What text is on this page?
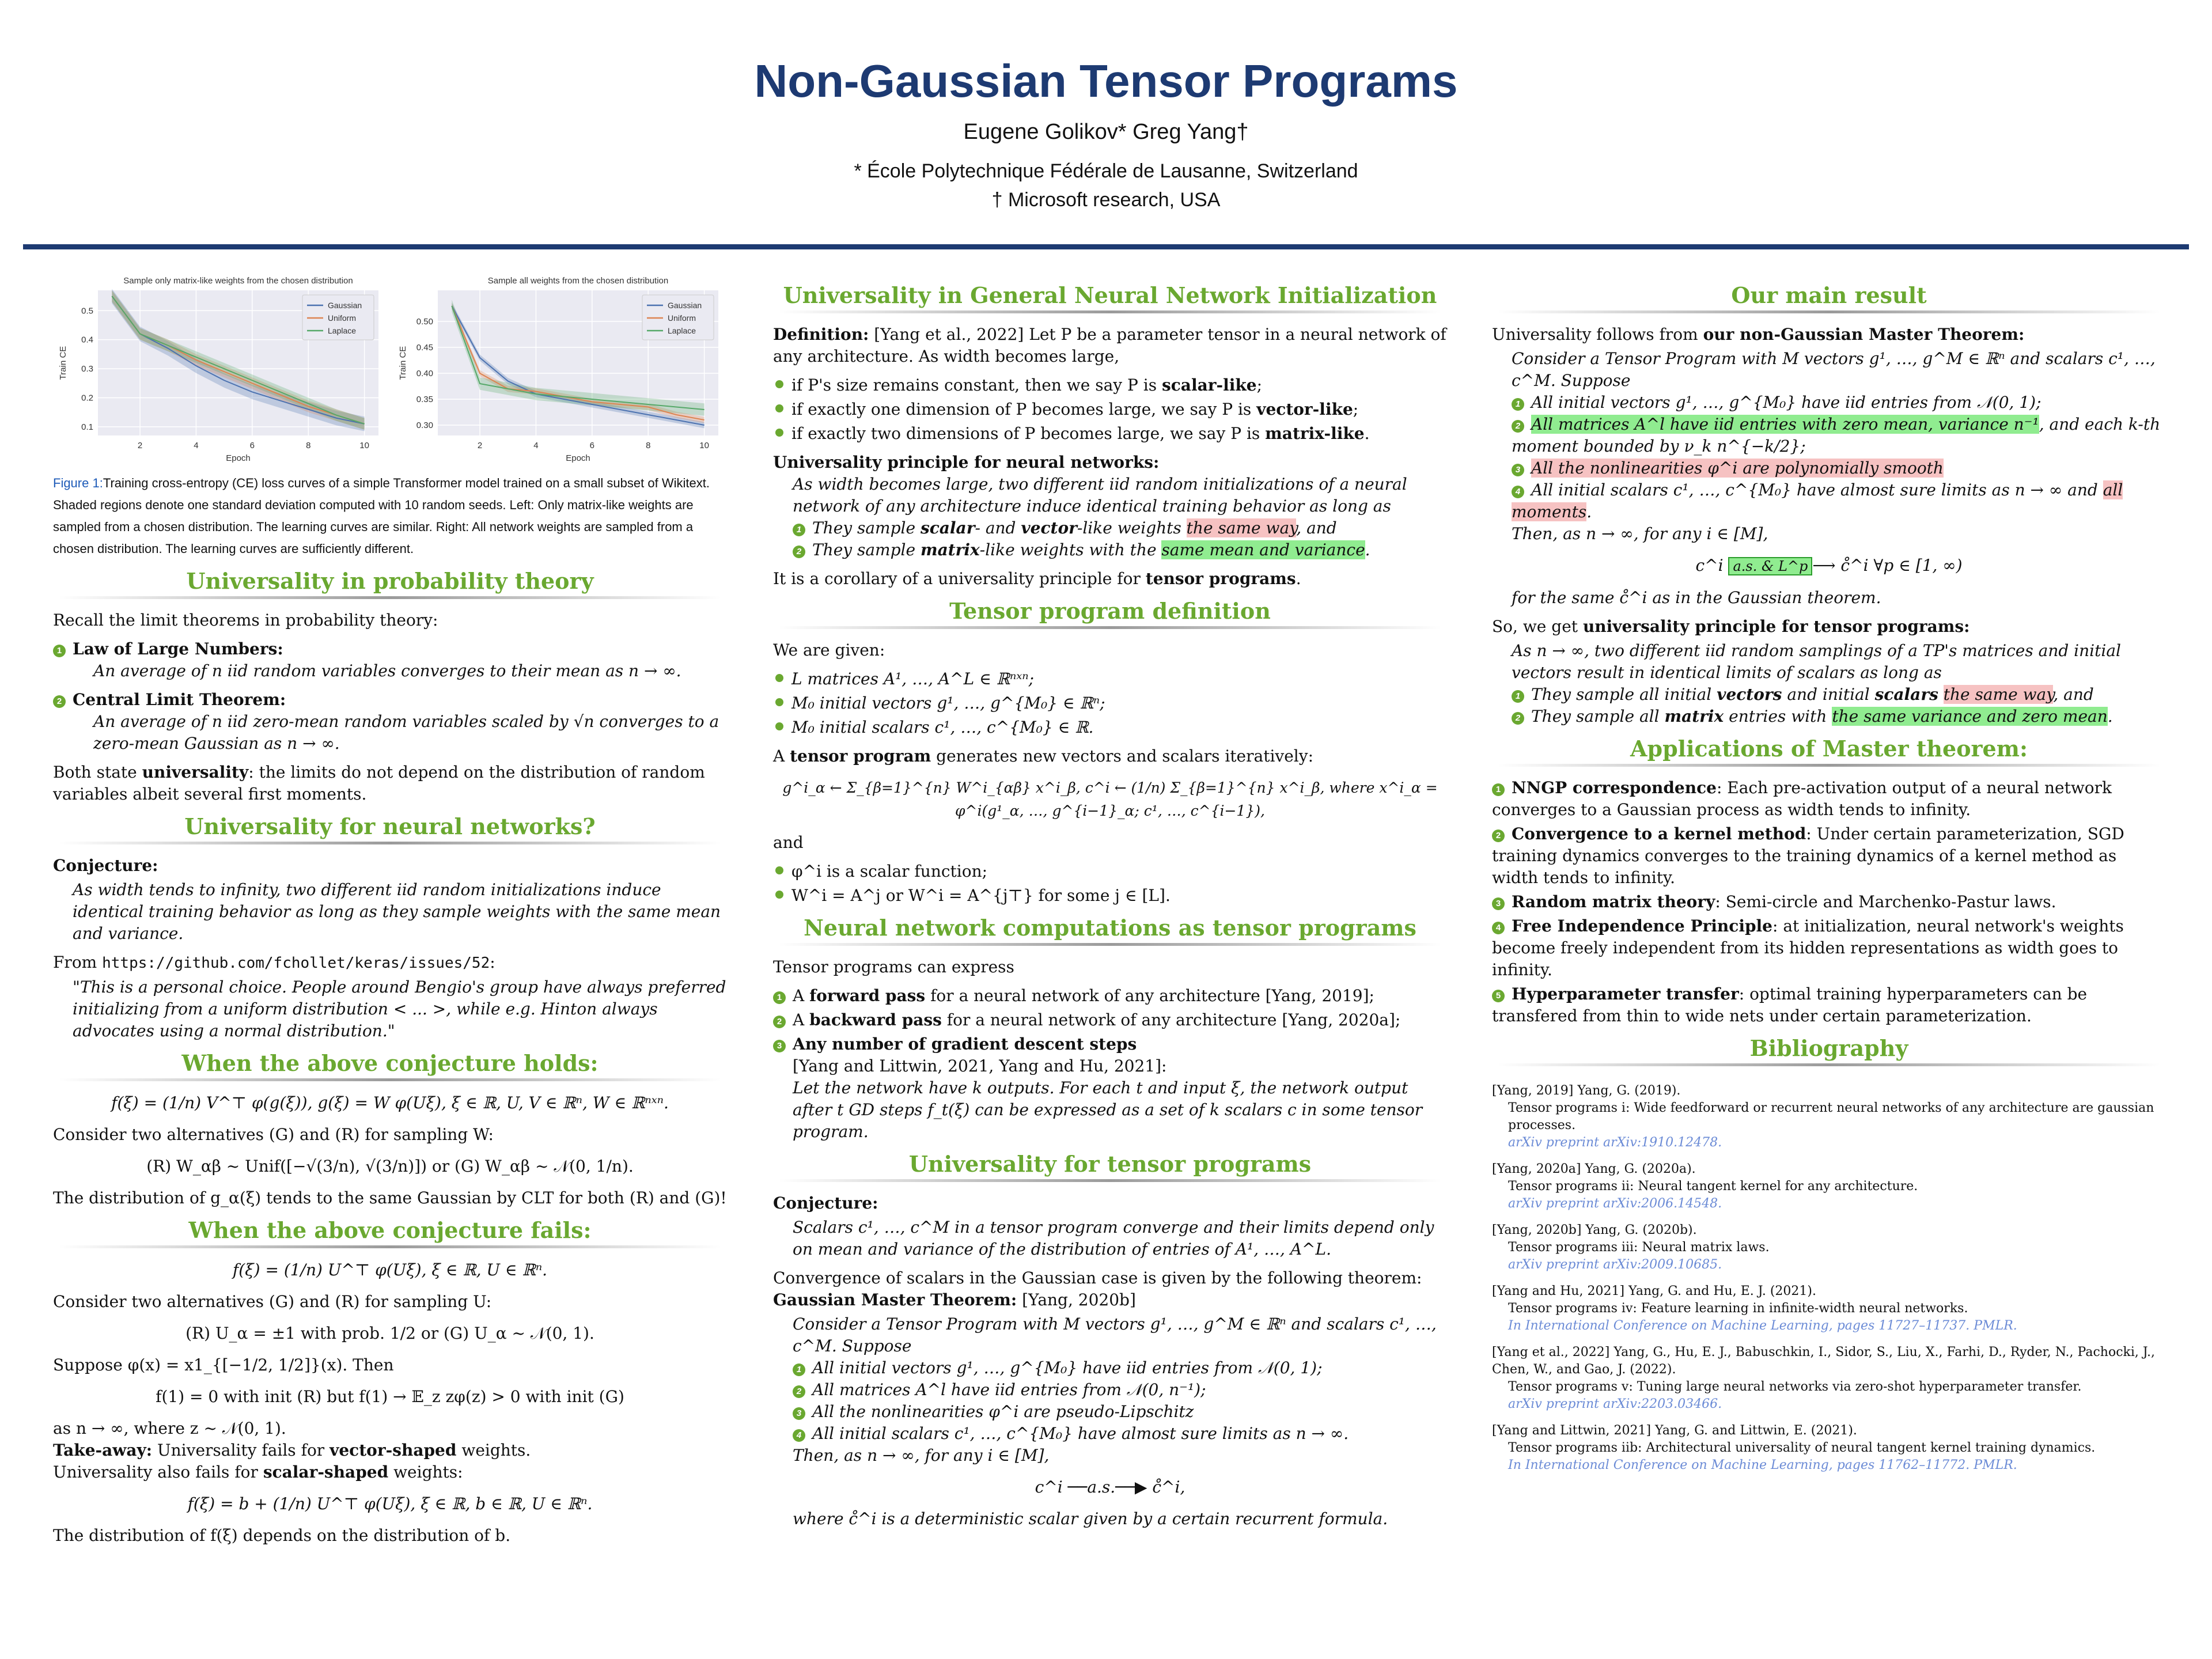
Non-Gaussian Tensor Programs
Eugene Golikov* Greg Yang†
* École Polytechnique Fédérale de Lausanne, Switzerland
† Microsoft research, USA
2	4	6	8	10
0.1
0.2
0.3
0.4
0.5
Sample only matrix-like weights from the chosen distribution
Epoch
Train CE
Gaussian
Uniform
Laplace
2	4	6	8	10
0.30
0.35
0.40
0.45
0.50
Sample all weights from the chosen distribution
Epoch
Train CE
Gaussian
Uniform
Laplace

Figure 1:Training cross-entropy (CE) loss curves of a simple Transformer model trained on a small subset of Wikitext. Shaded regions denote one standard deviation computed with 10 random seeds. Left: Only matrix-like weights are sampled from a chosen distribution. The learning curves are similar. Right: All network weights are sampled from a chosen distribution. The learning curves are sufficiently different.

Universality in probability theory

Recall the limit theorems in probability theory:

1 Law of Large Numbers:

An average of n iid random variables converges to their mean as n → ∞.

2 Central Limit Theorem:

An average of n iid zero-mean random variables scaled by √n converges to a zero-mean Gaussian as n → ∞.

Both state universality: the limits do not depend on the distribution of random variables albeit several first moments.

Universality for neural networks?

Conjecture:

As width tends to infinity, two different iid random initializations induce identical training behavior as long as they sample weights with the same mean and variance.

From https://github.com/fchollet/keras/issues/52:

"This is a personal choice. People around Bengio's group have always preferred initializing from a uniform distribution < ... >, while e.g. Hinton always advocates using a normal distribution."

When the above conjecture holds:
f(ξ) = (1/n) V^⊤ φ(g(ξ)), g(ξ) = W φ(Uξ), ξ ∈ ℝ, U, V ∈ ℝⁿ, W ∈ ℝⁿˣⁿ.

Consider two alternatives (G) and (R) for sampling W:

(R) W_αβ ~ Unif([−√(3/n), √(3/n)]) or (G) W_αβ ~ 𝒩(0, 1/n).

The distribution of g_α(ξ) tends to the same Gaussian by CLT for both (R) and (G)!

When the above conjecture fails:
f(ξ) = (1/n) U^⊤ φ(Uξ), ξ ∈ ℝ, U ∈ ℝⁿ.

Consider two alternatives (G) and (R) for sampling U:

(R) U_α = ±1 with prob. 1/2 or (G) U_α ~ 𝒩(0, 1).

Suppose φ(x) = x1_{[−1/2, 1/2]}(x). Then

f(1) = 0 with init (R) but f(1) → 𝔼_z zφ(z) > 0 with init (G)

as n → ∞, where z ~ 𝒩(0, 1).

Take-away: Universality fails for vector-shaped weights.

Universality also fails for scalar-shaped weights:

f(ξ) = b + (1/n) U^⊤ φ(Uξ), ξ ∈ ℝ, b ∈ ℝ, U ∈ ℝⁿ.

The distribution of f(ξ) depends on the distribution of b.

Universality in General Neural Network Initialization

Definition: [Yang et al., 2022] Let P be a parameter tensor in a neural network of any architecture. As width becomes large,

if P's size remains constant, then we say P is scalar-like;

if exactly one dimension of P becomes large, we say P is vector-like;

if exactly two dimensions of P becomes large, we say P is matrix-like.

Universality principle for neural networks:

As width becomes large, two different iid random initializations of a neural network of any architecture induce identical training behavior as long as

1 They sample scalar- and vector-like weights the same way, and

2 They sample matrix-like weights with the same mean and variance.

It is a corollary of a universality principle for tensor programs.

Tensor program definition

We are given:

L matrices A¹, …, A^L ∈ ℝⁿˣⁿ;

M₀ initial vectors g¹, …, g^{M₀} ∈ ℝⁿ;

M₀ initial scalars c¹, …, c^{M₀} ∈ ℝ.

A tensor program generates new vectors and scalars iteratively:

g^i_α ← Σ_{β=1}^{n} W^i_{αβ} x^i_β, c^i ← (1/n) Σ_{β=1}^{n} x^i_β, where x^i_α = φ^i(g¹_α, …, g^{i−1}_α; c¹, …, c^{i−1}),

and

φ^i is a scalar function;

W^i = A^j or W^i = A^{j⊤} for some j ∈ [L].

Neural network computations as tensor programs

Tensor programs can express

1 A forward pass for a neural network of any architecture [Yang, 2019];

2 A backward pass for a neural network of any architecture [Yang, 2020a];

3 Any number of gradient descent steps

[Yang and Littwin, 2021, Yang and Hu, 2021]:

Let the network have k outputs. For each t and input ξ, the network output after t GD steps f_t(ξ) can be expressed as a set of k scalars c in some tensor program.

Universality for tensor programs

Conjecture:

Scalars c¹, …, c^M in a tensor program converge and their limits depend only on mean and variance of the distribution of entries of A¹, …, A^L.

Convergence of scalars in the Gaussian case is given by the following theorem:

Gaussian Master Theorem: [Yang, 2020b]

Consider a Tensor Program with M vectors g¹, …, g^M ∈ ℝⁿ and scalars c¹, …, c^M. Suppose

1 All initial vectors g¹, …, g^{M₀} have iid entries from 𝒩(0, 1);

2 All matrices A^l have iid entries from 𝒩(0, n⁻¹);

3 All the nonlinearities φ^i are pseudo-Lipschitz

4 All initial scalars c¹, …, c^{M₀} have almost sure limits as n → ∞.

Then, as n → ∞, for any i ∈ [M],

c^i ──a.s.──▶ c̊^i,

where c̊^i is a deterministic scalar given by a certain recurrent formula.

Our main result

Universality follows from our non-Gaussian Master Theorem:

Consider a Tensor Program with M vectors g¹, …, g^M ∈ ℝⁿ and scalars c¹, …, c^M. Suppose

1 All initial vectors g¹, …, g^{M₀} have iid entries from 𝒩(0, 1);

2 All matrices A^l have iid entries with zero mean, variance n⁻¹, and each k-th moment bounded by ν_k n^{−k/2};

3 All the nonlinearities φ^i are polynomially smooth

4 All initial scalars c¹, …, c^{M₀} have almost sure limits as n → ∞ and all moments.

Then, as n → ∞, for any i ∈ [M],

c^i a.s. & L^p ⟶ c̊^i ∀p ∈ [1, ∞)

for the same c̊^i as in the Gaussian theorem.

So, we get universality principle for tensor programs:

As n → ∞, two different iid random samplings of a TP's matrices and initial vectors result in identical limits of scalars as long as

1 They sample all initial vectors and initial scalars the same way, and

2 They sample all matrix entries with the same variance and zero mean.

Applications of Master theorem:

1 NNGP correspondence: Each pre-activation output of a neural network converges to a Gaussian process as width tends to infinity.

2 Convergence to a kernel method: Under certain parameterization, SGD training dynamics converges to the training dynamics of a kernel method as width tends to infinity.

3 Random matrix theory: Semi-circle and Marchenko-Pastur laws.

4 Free Independence Principle: at initialization, neural network's weights become freely independent from its hidden representations as width goes to infinity.

5 Hyperparameter transfer: optimal training hyperparameters can be transfered from thin to wide nets under certain parameterization.

Bibliography
[Yang, 2019] Yang, G. (2019).
Tensor programs i: Wide feedforward or recurrent neural networks of any architecture are gaussian processes.
arXiv preprint arXiv:1910.12478.
[Yang, 2020a] Yang, G. (2020a).
Tensor programs ii: Neural tangent kernel for any architecture.
arXiv preprint arXiv:2006.14548.
[Yang, 2020b] Yang, G. (2020b).
Tensor programs iii: Neural matrix laws.
arXiv preprint arXiv:2009.10685.
[Yang and Hu, 2021] Yang, G. and Hu, E. J. (2021).
Tensor programs iv: Feature learning in infinite-width neural networks.
In International Conference on Machine Learning, pages 11727–11737. PMLR.
[Yang et al., 2022] Yang, G., Hu, E. J., Babuschkin, I., Sidor, S., Liu, X., Farhi, D., Ryder, N., Pachocki, J., Chen, W., and Gao, J. (2022).
Tensor programs v: Tuning large neural networks via zero-shot hyperparameter transfer.
arXiv preprint arXiv:2203.03466.
[Yang and Littwin, 2021] Yang, G. and Littwin, E. (2021).
Tensor programs iib: Architectural universality of neural tangent kernel training dynamics.
In International Conference on Machine Learning, pages 11762–11772. PMLR.
